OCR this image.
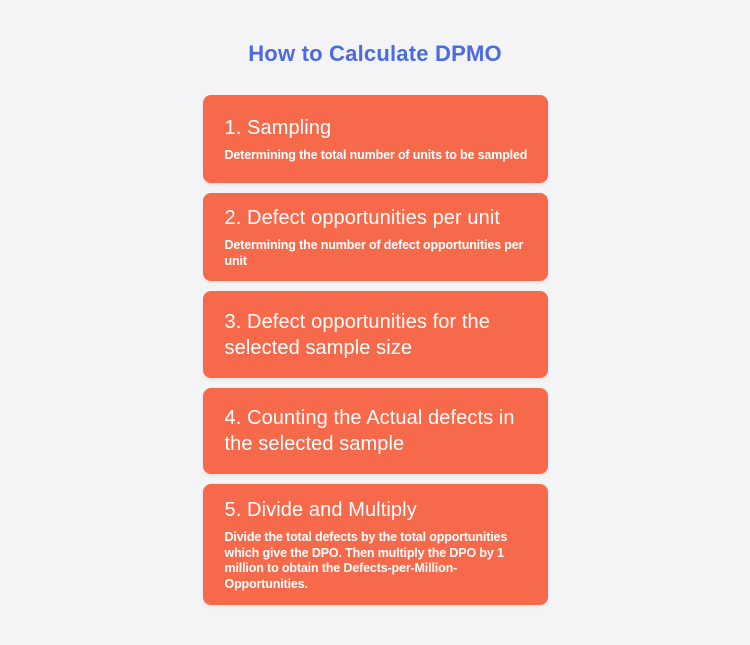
How to Calculate DPMO
1. Sampling
Determining the total number of units to be sampled
2. Defect opportunities per unit
Determining the number of defect opportunities per unit
3. Defect opportunities for the selected sample size
4. Counting the Actual defects in the selected sample
5. Divide and Multiply
Divide the total defects by the total opportunities which give the DPO. Then multiply the DPO by 1 million to obtain the Defects-per-Million-Opportunities.
